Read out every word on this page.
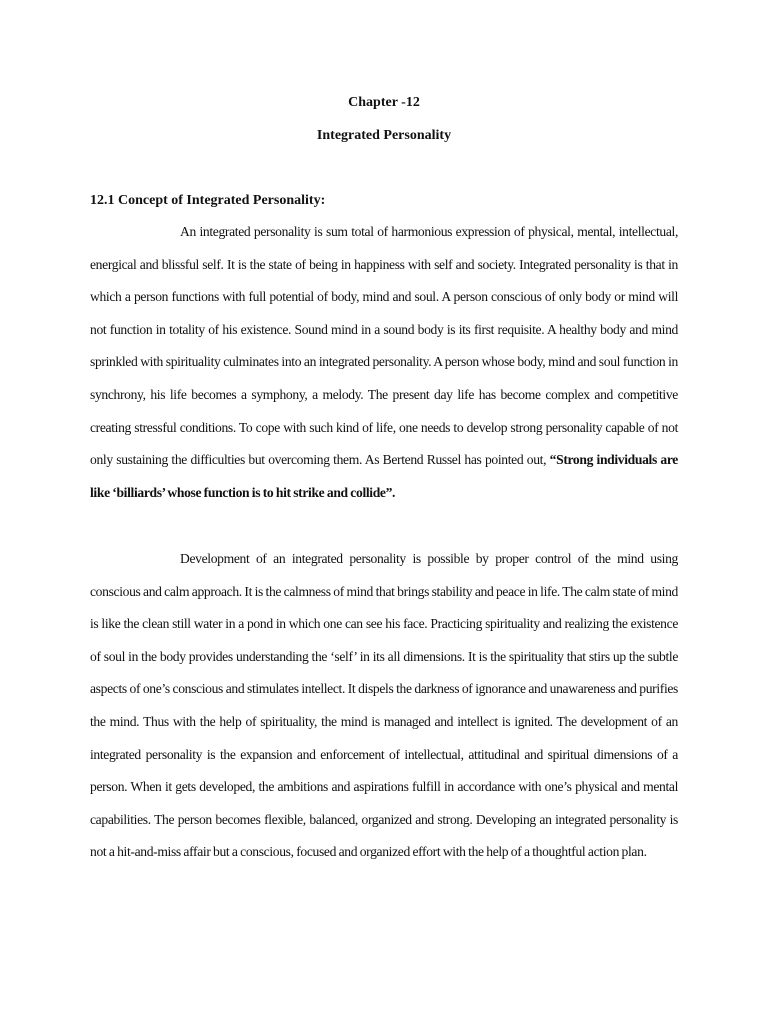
Chapter -12
Integrated Personality
12.1 Concept of Integrated Personality:

An integrated personality is sum total of harmonious expression of physical, mental, intellectual, energical and blissful self. It is the state of being in happiness with self and society. Integrated personality is that in which a person functions with full potential of body, mind and soul. A person conscious of only body or mind will not function in totality of his existence. Sound mind in a sound body is its first requisite. A healthy body and mind sprinkled with spirituality culminates into an integrated personality. A person whose body, mind and soul function in synchrony, his life becomes a symphony, a melody. The present day life has become complex and competitive creating stressful conditions. To cope with such kind of life, one needs to develop strong personality capable of not only sustaining the difficulties but overcoming them. As Bertend Russel has pointed out, “Strong individuals are like ‘billiards’ whose function is to hit strike and collide”.

Development of an integrated personality is possible by proper control of the mind using conscious and calm approach. It is the calmness of mind that brings stability and peace in life. The calm state of mind is like the clean still water in a pond in which one can see his face. Practicing spirituality and realizing the existence of soul in the body provides understanding the ‘self’ in its all dimensions. It is the spirituality that stirs up the subtle aspects of one’s conscious and stimulates intellect. It dispels the darkness of ignorance and unawareness and purifies the mind. Thus with the help of spirituality, the mind is managed and intellect is ignited. The development of an integrated personality is the expansion and enforcement of intellectual, attitudinal and spiritual dimensions of a person. When it gets developed, the ambitions and aspirations fulfill in accordance with one’s physical and mental capabilities. The person becomes flexible, balanced, organized and strong. Developing an integrated personality is not a hit-and-miss affair but a conscious, focused and organized effort with the help of a thoughtful action plan.
